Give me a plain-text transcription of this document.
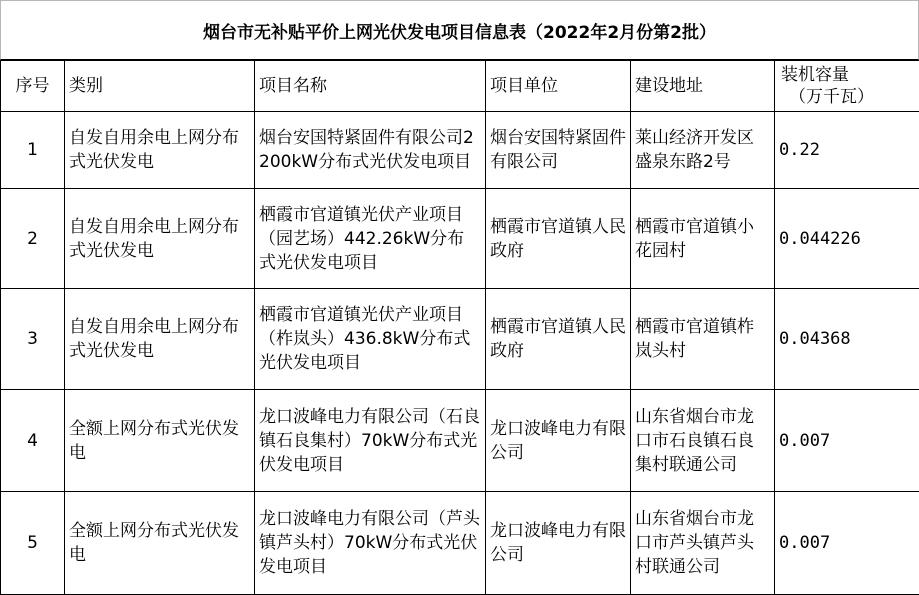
烟台市无补贴平价上网光伏发电项目信息表（2022年2月份第2批）
序号	类别	项目名称	项目单位	建设地址	装机容量
（万千瓦）

1	自发自用余电上网分布式光伏发电	烟台安国特紧固件有限公司2200kW分布式光伏发电项目	烟台安国特紧固件有限公司	莱山经济开发区盛泉东路2号	0.22
2	自发自用余电上网分布式光伏发电	栖霞市官道镇光伏产业项目（园艺场）442.26kW分布式光伏发电项目	栖霞市官道镇人民政府	栖霞市官道镇小花园村	0.044226
3	自发自用余电上网分布式光伏发电	栖霞市官道镇光伏产业项目（柞岚头）436.8kW分布式光伏发电项目	栖霞市官道镇人民政府	栖霞市官道镇柞岚头村	0.04368
4	全额上网分布式光伏发电	龙口波峰电力有限公司（石良镇石良集村）70kW分布式光伏发电项目	龙口波峰电力有限公司	山东省烟台市龙口市石良镇石良集村联通公司	0.007
5	全额上网分布式光伏发电	龙口波峰电力有限公司（芦头镇芦头村）70kW分布式光伏发电项目	龙口波峰电力有限公司	山东省烟台市龙口市芦头镇芦头村联通公司	0.007
